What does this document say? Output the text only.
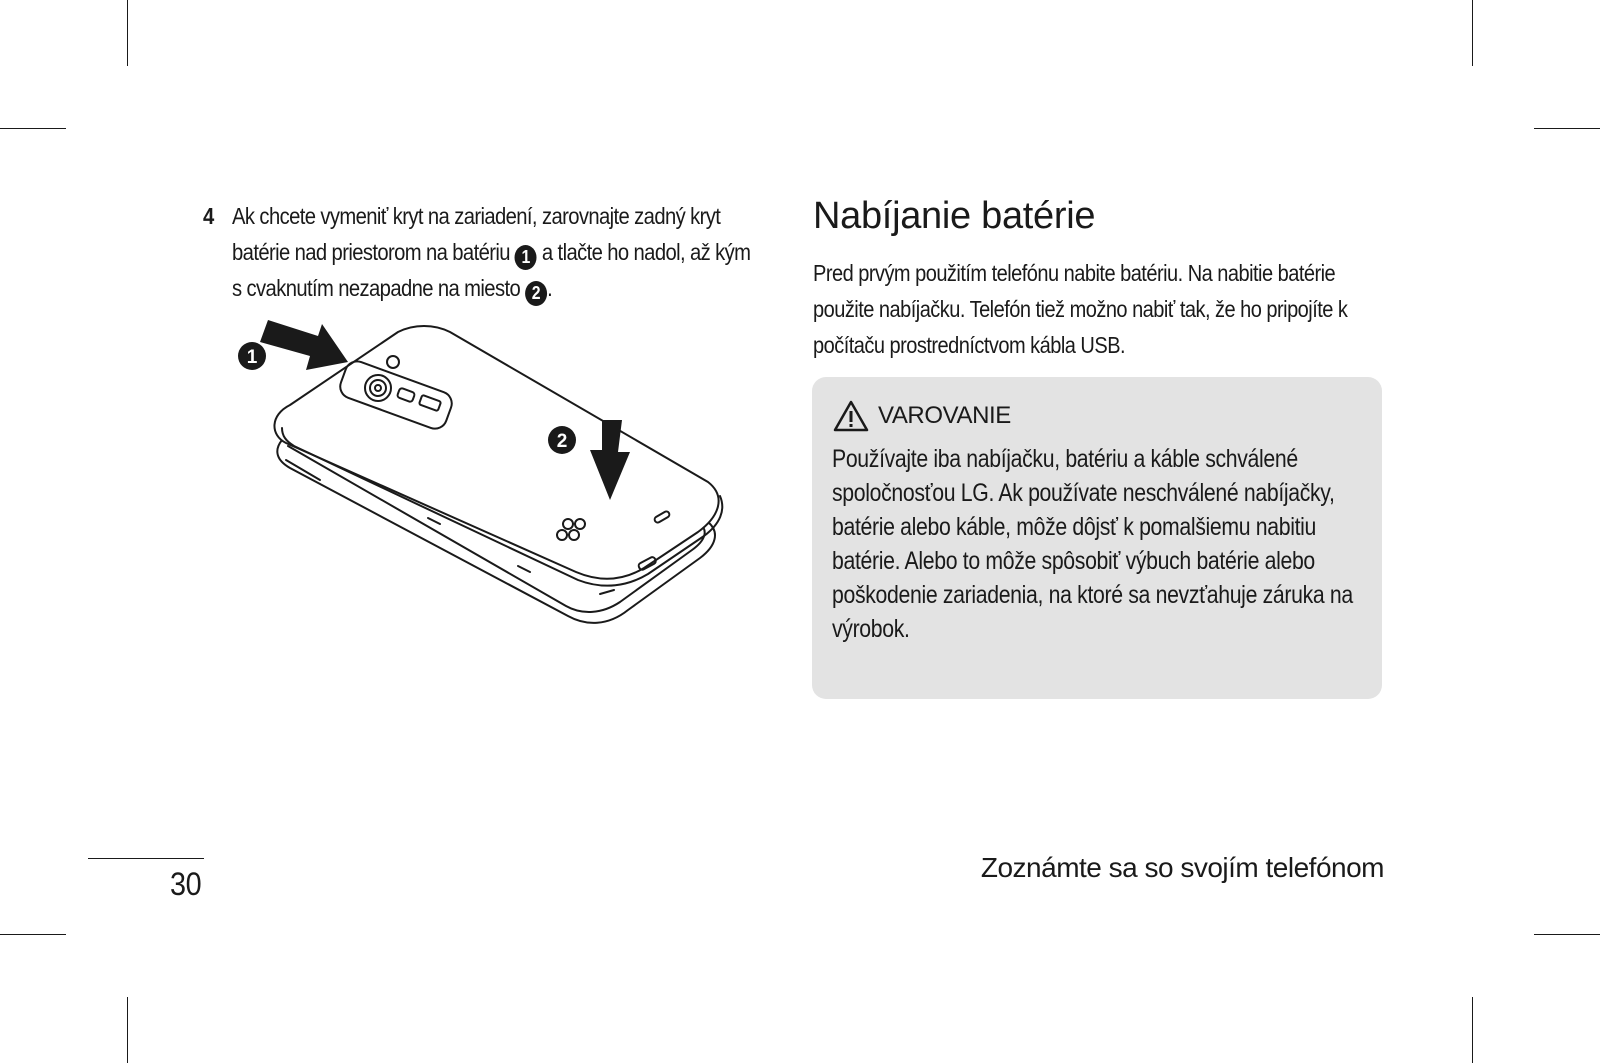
4 Ak chcete vymeniť kryt na zariadení, zarovnajte zadný kryt batérie nad priestorom na batériu 1 a tlačte ho nadol, až kým s cvaknutím nezapadne na miesto 2 .
1
2
Nabíjanie batérie
Pred prvým použitím telefónu nabite batériu. Na nabitie batérie použite nabíjačku. Telefón tiež možno nabiť tak, že ho pripojíte k počítaču prostredníctvom kábla USB.
VAROVANIE
Používajte iba nabíjačku, batériu a káble schválené spoločnosťou LG. Ak používate neschválené nabíjačky, batérie alebo káble, môže dôjsť k pomalšiemu nabitiu batérie. Alebo to môže spôsobiť výbuch batérie alebo poškodenie zariadenia, na ktoré sa nevzťahuje záruka na výrobok.
30	Zoznámte sa so svojím telefónom
